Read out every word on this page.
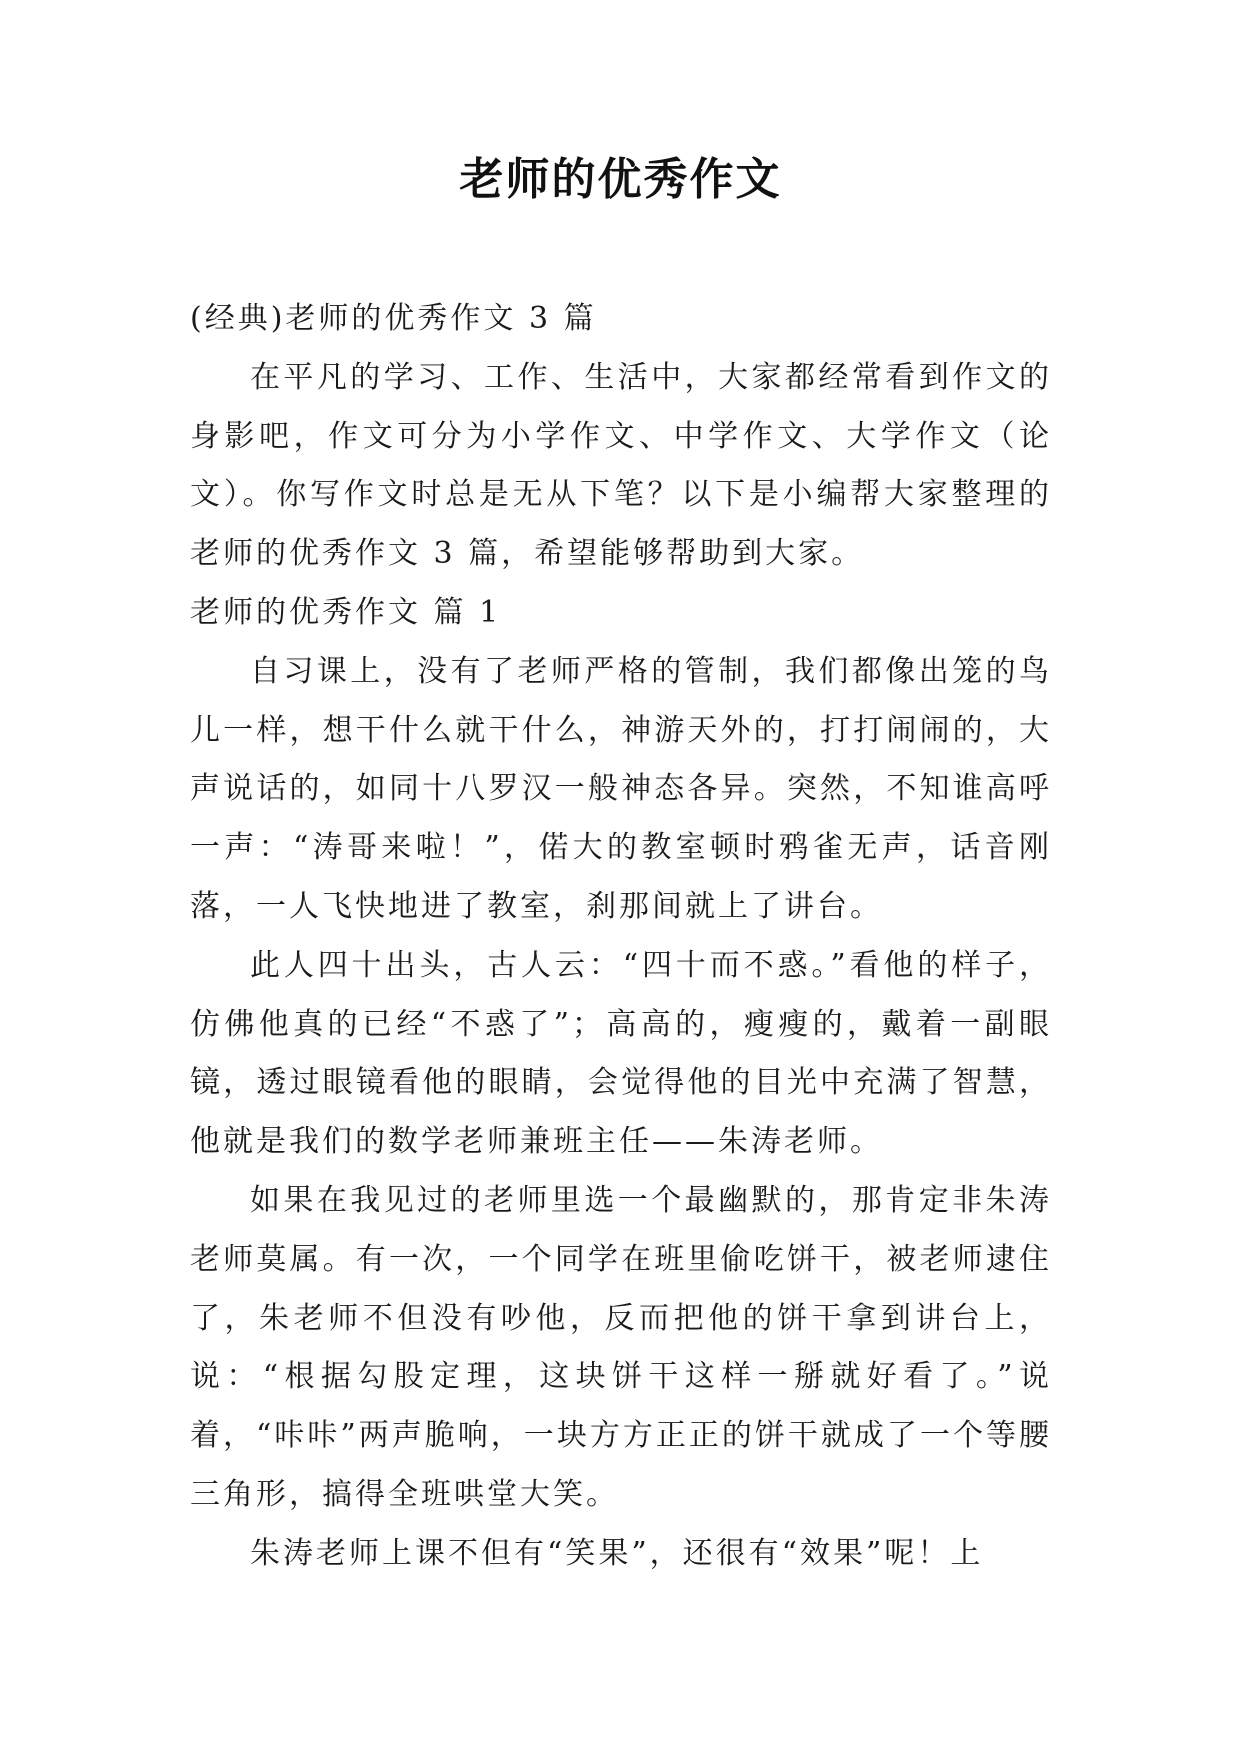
老师的优秀作文

(经典)老师的优秀作文 3 篇

在平凡的学习、工作、生活中，大家都经常看到作文的身影吧，作文可分为小学作文、中学作文、大学作文（论文）。你写作文时总是无从下笔？以下是小编帮大家整理的老师的优秀作文 3 篇，希望能够帮助到大家。

老师的优秀作文 篇 1

自习课上，没有了老师严格的管制，我们都像出笼的鸟儿一样，想干什么就干什么，神游天外的，打打闹闹的，大声说话的，如同十八罗汉一般神态各异。突然，不知谁高呼一声：“涛哥来啦！”，偌大的教室顿时鸦雀无声，话音刚落，一人飞快地进了教室，刹那间就上了讲台。

此人四十出头，古人云：“四十而不惑。”看他的样子，仿佛他真的已经“不惑了”；高高的，瘦瘦的，戴着一副眼镜，透过眼镜看他的眼睛，会觉得他的目光中充满了智慧，他就是我们的数学老师兼班主任——朱涛老师。

如果在我见过的老师里选一个最幽默的，那肯定非朱涛老师莫属。有一次，一个同学在班里偷吃饼干，被老师逮住了，朱老师不但没有吵他，反而把他的饼干拿到讲台上，说：“根据勾股定理，这块饼干这样一掰就好看了。”说着，“咔咔”两声脆响，一块方方正正的饼干就成了一个等腰三角形，搞得全班哄堂大笑。

朱涛老师上课不但有“笑果”，还很有“效果”呢！上
